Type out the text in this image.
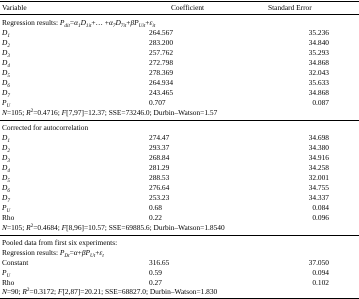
Variable	Coefficient	Standard Error
Regression results: $P_{dit}=\alpha_1D_{1it}+\dots +\alpha_7D_{7it}+\beta P_{Uit}+\varepsilon_{it}$
$D_1$	264.567	35.236
$D_2$	283.200	34.840
$D_3$	257.762	35.293
$D_4$	272.798	34.868
$D_5$	278.369	32.043
$D_6$	264.934	35.633
$D_7$	243.465	34.868
$P_U$	0.707	0.087
N=105; $R^2=0.4716$; F[7,97]=12.37; SSE=73246.0; Durbin–Watson=1.57
Corrected for autocorrelation
$D_1$	274.47	34.698
$D_2$	293.37	34.380
$D_3$	268.84	34.916
$D_4$	281.29	34.258
$D_5$	288.53	32.001
$D_6$	276.64	34.755
$D_7$	253.23	34.337
$P_U$	0.68	0.084
Rho	0.22	0.096
N=105; $R^2=0.4684$; F[8,96]=10.57; SSE=69885.6; Durbin–Watson=1.8540
Pooled data from first six experiments:
Regression results: $P_{Dt}=\alpha+\beta P_{Ut}+\varepsilon_t$
Constant	316.65	37.050
$P_U$	0.59	0.094
Rho	0.27	0.102
N=90; $R^2=0.3172$; F[2,87]=20.21; SSE=68827.0; Durbin–Watson=1.830
